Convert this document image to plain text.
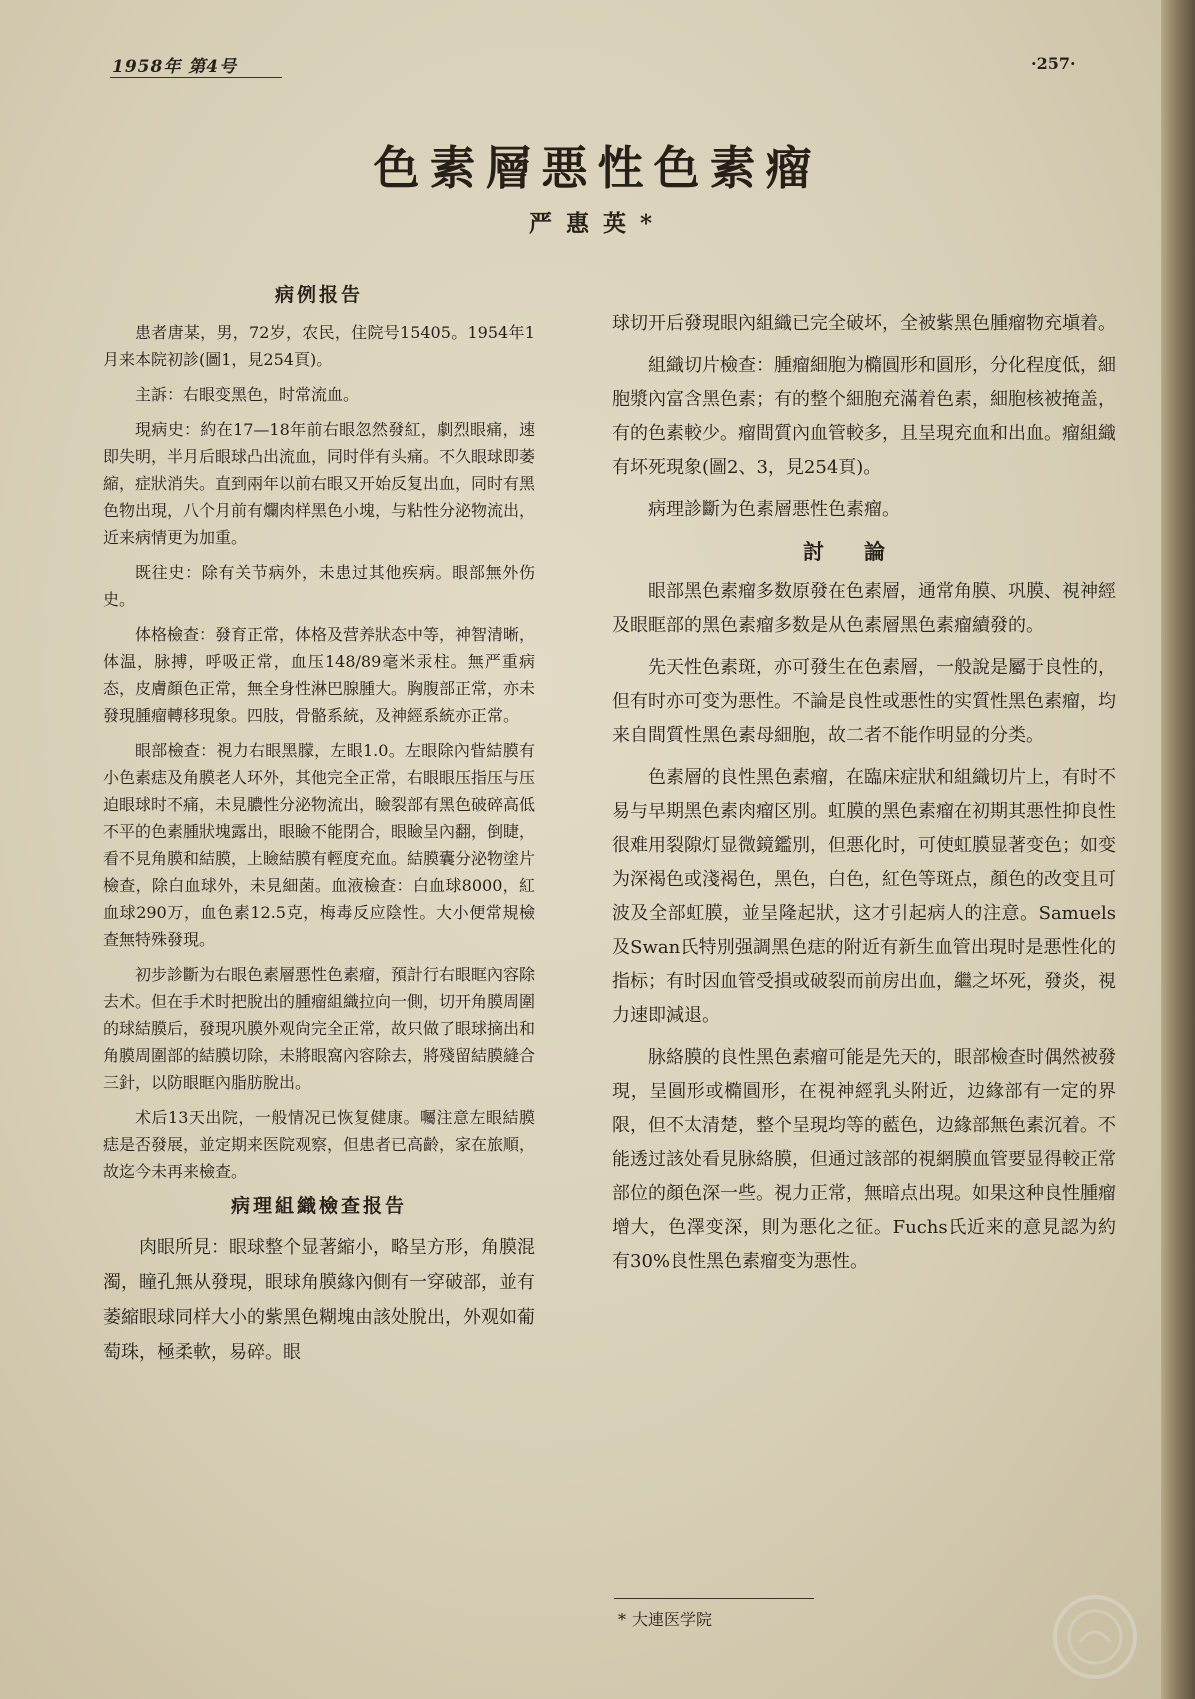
1958年 第4号	·257·
色素層悪性色素瘤
严惠英*
病例报告

患者唐某，男，72岁，农民，住院号15405。1954年1月来本院初診(圖1，見254頁)。

主訴：右眼变黑色，时常流血。

現病史：約在17—18年前右眼忽然發紅，劇烈眼痛，速即失明，半月后眼球凸出流血，同时伴有头痛。不久眼球即萎縮，症狀消失。直到兩年以前右眼又开始反复出血，同时有黑色物出現，八个月前有爛肉样黑色小塊，与粘性分泌物流出，近来病情更为加重。

既往史：除有关节病外，未患过其他疾病。眼部無外伤史。

体格檢查：發育正常，体格及营养狀态中等，神智清晰，体温，脉搏，呼吸正常，血压148/89毫米汞柱。無严重病态，皮膚顏色正常，無全身性淋巴腺腫大。胸腹部正常，亦未發現腫瘤轉移現象。四肢，骨骼系統，及神經系統亦正常。

眼部檢查：視力右眼黑朦，左眼1.0。左眼除內眥結膜有小色素痣及角膜老人环外，其他完全正常，右眼眼压指压与压迫眼球时不痛，未見膿性分泌物流出，瞼裂部有黑色破碎高低不平的色素腫狀塊露出，眼瞼不能閉合，眼瞼呈內翻，倒睫，看不見角膜和結膜，上瞼結膜有輕度充血。結膜囊分泌物塗片檢查，除白血球外，未見細菌。血液檢查：白血球8000，紅血球290万，血色素12.5克，梅毒反应陰性。大小便常規檢查無特殊發現。

初步診斷为右眼色素層悪性色素瘤，預計行右眼眶內容除去术。但在手术时把脫出的腫瘤組織拉向一側，切开角膜周圍的球結膜后，發現巩膜外观尙完全正常，故只做了眼球摘出和角膜周圍部的結膜切除，未將眼窩內容除去，將殘留結膜縫合三針，以防眼眶內脂肪脫出。

术后13天出院，一般情况已恢复健康。囑注意左眼結膜痣是否發展，並定期来医院观察，但患者已高齡，家在旅順，故迄今未再来檢查。

病理組織檢查报告

肉眼所見：眼球整个显著縮小，略呈方形，角膜混濁，瞳孔無从發現，眼球角膜緣內側有一穿破部，並有萎縮眼球同样大小的紫黑色糊塊由該处脫出，外观如葡萄珠，極柔軟，易碎。眼

球切开后發現眼內組織已完全破坏，全被紫黑色腫瘤物充塡着。

組織切片檢查：腫瘤細胞为橢圓形和圓形，分化程度低，細胞漿內富含黑色素；有的整个細胞充滿着色素，細胞核被掩盖，有的色素較少。瘤間質內血管較多，且呈現充血和出血。瘤組織有坏死現象(圖2、3，見254頁)。

病理診斷为色素層悪性色素瘤。

討論

眼部黑色素瘤多数原發在色素層，通常角膜、巩膜、視神經及眼眶部的黑色素瘤多数是从色素層黑色素瘤續發的。

先天性色素斑，亦可發生在色素層，一般說是屬于良性的，但有时亦可变为悪性。不論是良性或悪性的实質性黑色素瘤，均来自間質性黑色素母細胞，故二者不能作明显的分类。

色素層的良性黑色素瘤，在臨床症狀和組織切片上，有时不易与早期黑色素肉瘤区別。虹膜的黑色素瘤在初期其悪性抑良性很难用裂隙灯显微鏡鑑別，但悪化时，可使虹膜显著变色；如变为深褐色或淺褐色，黑色，白色，紅色等斑点，顏色的改变且可波及全部虹膜，並呈隆起狀，这才引起病人的注意。Samuels及Swan氏特別强調黑色痣的附近有新生血管出現时是悪性化的指标；有时因血管受損或破裂而前房出血，繼之坏死，發炎，視力速即減退。

脉絡膜的良性黑色素瘤可能是先天的，眼部檢查时偶然被發現，呈圓形或橢圓形，在視神經乳头附近，边緣部有一定的界限，但不太清楚，整个呈現均等的藍色，边緣部無色素沉着。不能透过該处看見脉絡膜，但通过該部的視網膜血管要显得較正常部位的顏色深一些。視力正常，無暗点出現。如果这种良性腫瘤增大，色澤变深，則为悪化之征。Fuchs氏近来的意見認为約有30%良性黑色素瘤变为悪性。

* 大連医学院
